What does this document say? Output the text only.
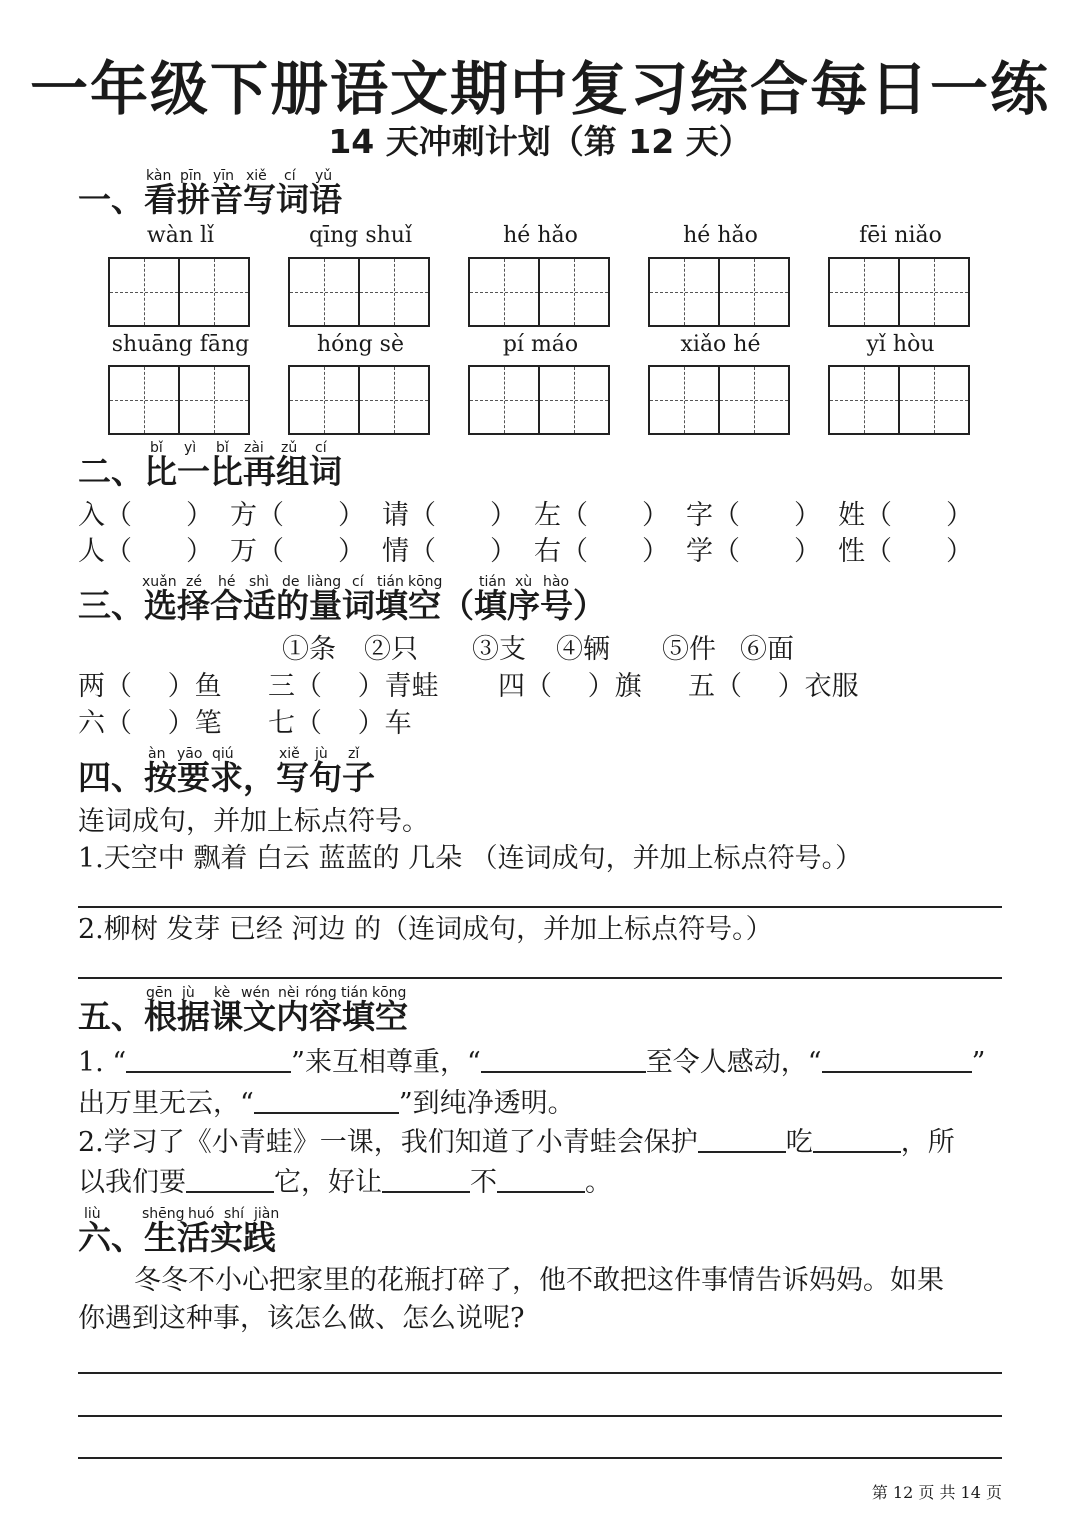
一年级下册语文期中复习综合每日一练
14 天冲刺计划（第 12 天）
kàn pīn yīn xiě cí yǔ
一、看拼音写词语
wàn lǐ	qīng shuǐ	hé hǎo	hé hǎo	fēi niǎo
shuāng fāng	hóng sè	pí máo	xiǎo hé	yǐ hòu
bǐ yì bǐ zài zǔ cí
二、比一比再组词
入（　　） 方（　　） 请（　　） 左（　　） 字（　　） 姓（　　）
人（　　） 万（　　） 情（　　） 右（　　） 学（　　） 性（　　）
xuǎn zé hé shì de liàng cí tián kōng	tián xù hào
三、选择合适的量词填空（填序号）
①条 ②只 ③支 ④辆 ⑤件 ⑥面
两（　 ）鱼 三（　 ）青蛙 四（　 ）旗 五（　 ）衣服
六（　 ）笔 七（　 ）车
àn yāo qiú	xiě jù zǐ
四、按要求，写句子
连词成句，并加上标点符号。
1.天空中 飘着 白云 蓝蓝的 几朵 （连词成句，并加上标点符号。）
2.柳树 发芽 已经 河边 的（连词成句，并加上标点符号。）
gēn jù kè wén nèi róng tián kōng
五、根据课文内容填空
1. “	”来互相尊重，“	至令人感动，“	”
出万里无云，“	”到纯净透明。
2.学习了《小青蛙》一课，我们知道了小青蛙会保护	吃	，所
以我们要	它，好让	不	。
liù	shēng huó shí jiàn
六、生活实践
冬冬不小心把家里的花瓶打碎了，他不敢把这件事情告诉妈妈。如果
你遇到这种事，该怎么做、怎么说呢?
第 12 页 共 14 页
